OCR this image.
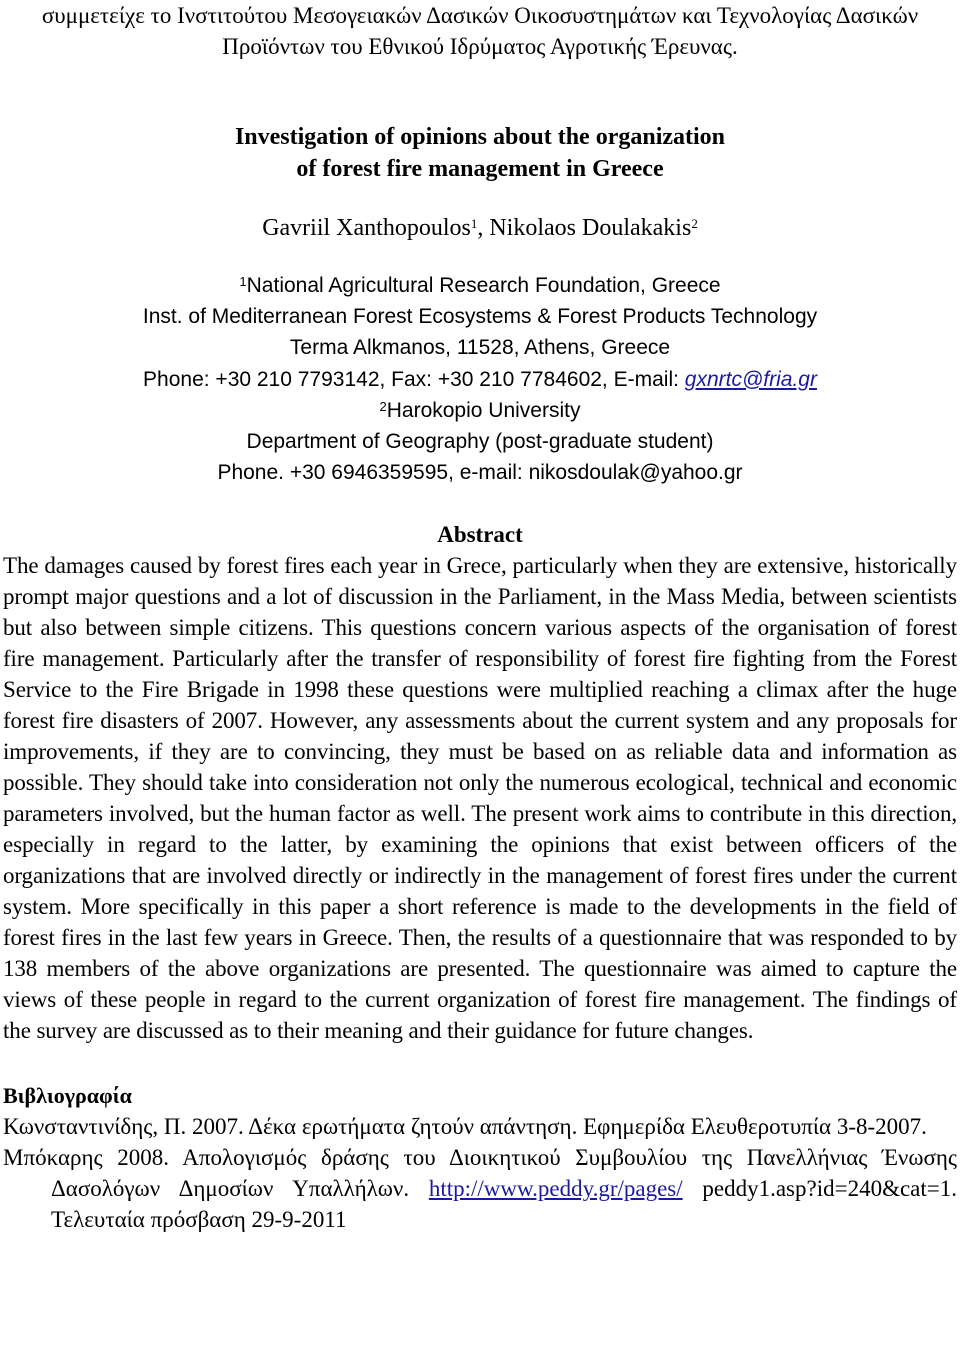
συμμετείχε το Ινστιτούτου Μεσογειακών Δασικών Οικοσυστημάτων και Τεχνολογίας Δασικών Προϊόντων του Εθνικού Ιδρύματος Αγροτικής Έρευνας.
Investigation of opinions about the organization
of forest fire management in Greece
Gavriil Xanthopoulos$^1$, Nikolaos Doulakakis$^2$
$^1$National Agricultural Research Foundation, Greece
Inst. of Mediterranean Forest Ecosystems & Forest Products Technology
Terma Alkmanos, 11528, Athens, Greece
Phone: +30 210 7793142, Fax: +30 210 7784602, E-mail: gxnrtc@fria.gr
$^2$Harokopio University
Department of Geography (post-graduate student)
Phone. +30 6946359595, e-mail: nikosdoulak@yahoo.gr
Abstract
The damages caused by forest fires each year in Grece, particularly when they are extensive, historically prompt major questions and a lot of discussion in the Parliament, in the Mass Media, between scientists but also between simple citizens. This questions concern various aspects of the organisation of forest fire management. Particularly after the transfer of responsibility of forest fire fighting from the Forest Service to the Fire Brigade in 1998 these questions were multiplied reaching a climax after the huge forest fire disasters of 2007. However, any assessments about the current system and any proposals for improvements, if they are to convincing, they must be based on as reliable data and information as possible. They should take into consideration not only the numerous ecological, technical and economic parameters involved, but the human factor as well. The present work aims to contribute in this direction, especially in regard to the latter, by examining the opinions that exist between officers of the organizations that are involved directly or indirectly in the management of forest fires under the current system. More specifically in this paper a short reference is made to the developments in the field of forest fires in the last few years in Greece. Then, the results of a questionnaire that was responded to by 138 members of the above organizations are presented. The questionnaire was aimed to capture the views of these people in regard to the current organization of forest fire management. The findings of the survey are discussed as to their meaning and their guidance for future changes.
Βιβλιογραφία
Κωνσταντινίδης, Π. 2007. Δέκα ερωτήματα ζητούν απάντηση. Εφημερίδα Ελευθεροτυπία 3-8-2007.
Μπόκαρης 2008. Απολογισμός δράσης του Διοικητικού Συμβουλίου της Πανελλήνιας Ένωσης Δασολόγων Δημοσίων Υπαλλήλων. http://www.peddy.gr/pages/ peddy1.asp?id=240&cat=1. Τελευταία πρόσβαση 29-9-2011
